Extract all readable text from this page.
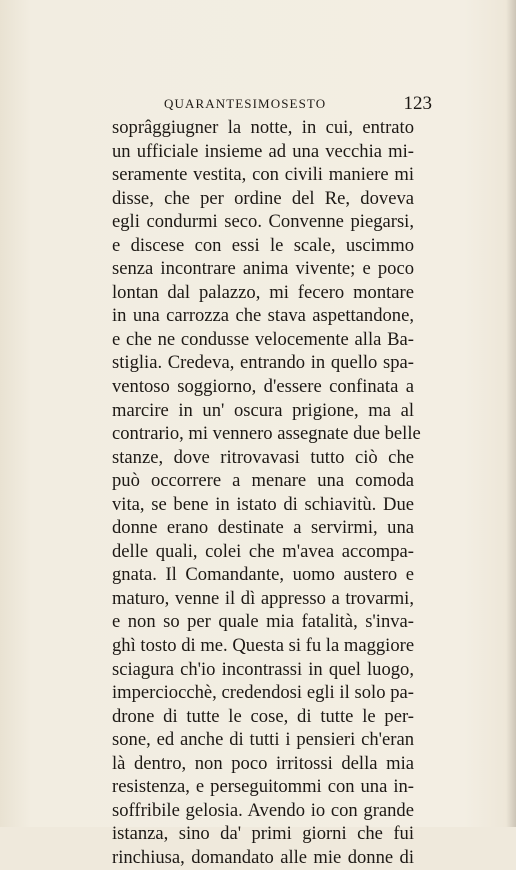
QUARANTESIMOSESTO	123
soprâggiugner la notte, in cui, entrato
un ufficiale insieme ad una vecchia mi-
seramente vestita, con civili maniere mi
disse, che per ordine del Re, doveva
egli condurmi seco. Convenne piegarsi,
e discese con essi le scale, uscimmo
senza incontrare anima vivente; e poco
lontan dal palazzo, mi fecero montare
in una carrozza che stava aspettandone,
e che ne condusse velocemente alla Ba-
stiglia. Credeva, entrando in quello spa-
ventoso soggiorno, d'essere confinata a
marcire in un' oscura prigione, ma al
contrario, mi vennero assegnate due belle
stanze, dove ritrovavasi tutto ciò che
può occorrere a menare una comoda
vita, se bene in istato di schiavitù. Due
donne erano destinate a servirmi, una
delle quali, colei che m'avea accompa-
gnata. Il Comandante, uomo austero e
maturo, venne il dì appresso a trovarmi,
e non so per quale mia fatalità, s'inva-
ghì tosto di me. Questa si fu la maggiore
sciagura ch'io incontrassi in quel luogo,
imperciocchè, credendosi egli il solo pa-
drone di tutte le cose, di tutte le per-
sone, ed anche di tutti i pensieri ch'eran
là dentro, non poco irritossi della mia
resistenza, e perseguitommi con una in-
soffribile gelosia. Avendo io con grande
istanza, sino da' primi giorni che fui
rinchiusa, domandato alle mie donne di
